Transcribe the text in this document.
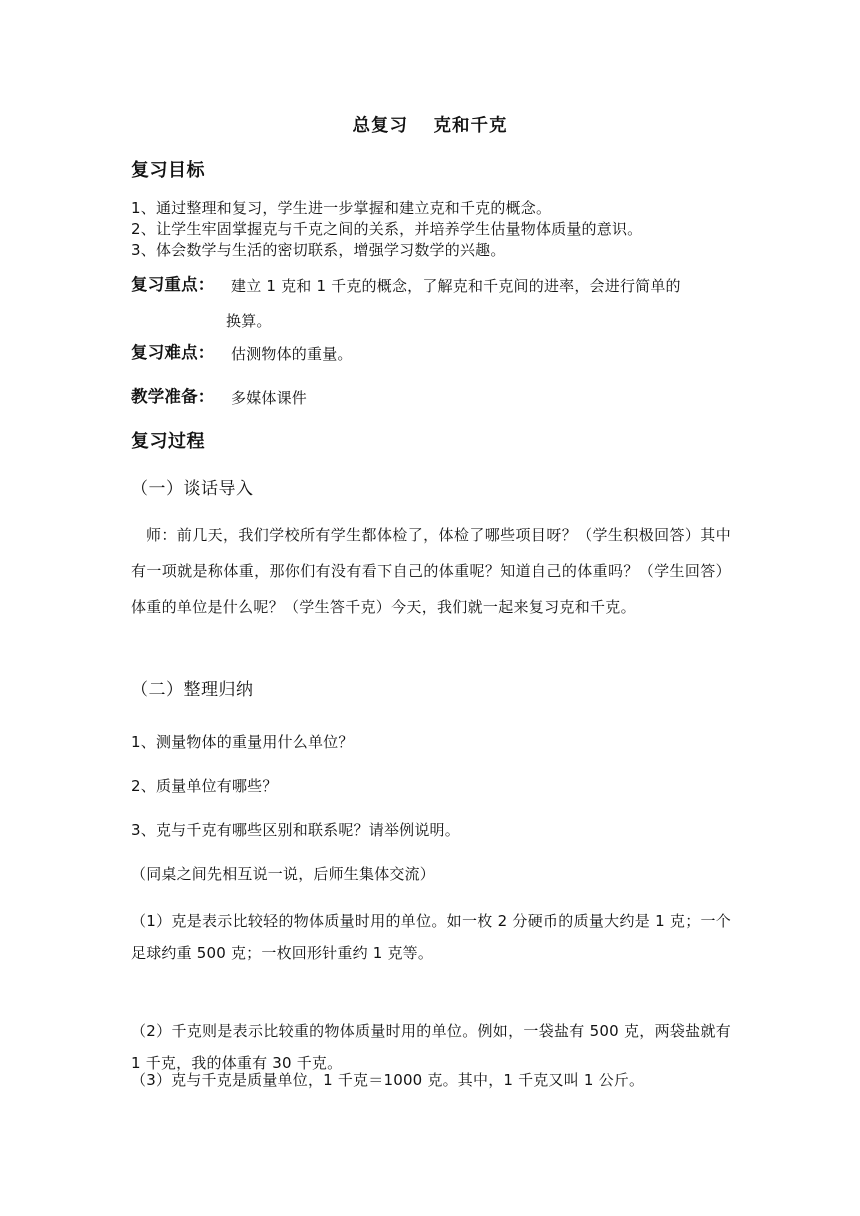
总复习　 克和千克
复习目标
1、通过整理和复习，学生进一步掌握和建立克和千克的概念。
2、让学生牢固掌握克与千克之间的关系，并培养学生估量物体质量的意识。
3、体会数学与生活的密切联系，增强学习数学的兴趣。
复习重点： 建立 1 克和 1 千克的概念，了解克和千克间的进率，会进行简单的
换算。
复习难点： 估测物体的重量。
教学准备： 多媒体课件
复习过程
（一）谈话导入
师：前几天，我们学校所有学生都体检了，体检了哪些项目呀？（学生积极回答）其中有一项就是称体重，那你们有没有看下自己的体重呢？知道自己的体重吗？（学生回答）体重的单位是什么呢？（学生答千克）今天，我们就一起来复习克和千克。
（二）整理归纳
1、测量物体的重量用什么单位？
2、质量单位有哪些？
3、克与千克有哪些区别和联系呢？请举例说明。
（同桌之间先相互说一说，后师生集体交流）
（1）克是表示比较轻的物体质量时用的单位。如一枚 2 分硬币的质量大约是 1 克；一个足球约重 500 克；一枚回形针重约 1 克等。
（2）千克则是表示比较重的物体质量时用的单位。例如，一袋盐有 500 克，两袋盐就有 1 千克，我的体重有 30 千克。
（3）克与千克是质量单位，1 千克＝1000 克。其中，1 千克又叫 1 公斤。
